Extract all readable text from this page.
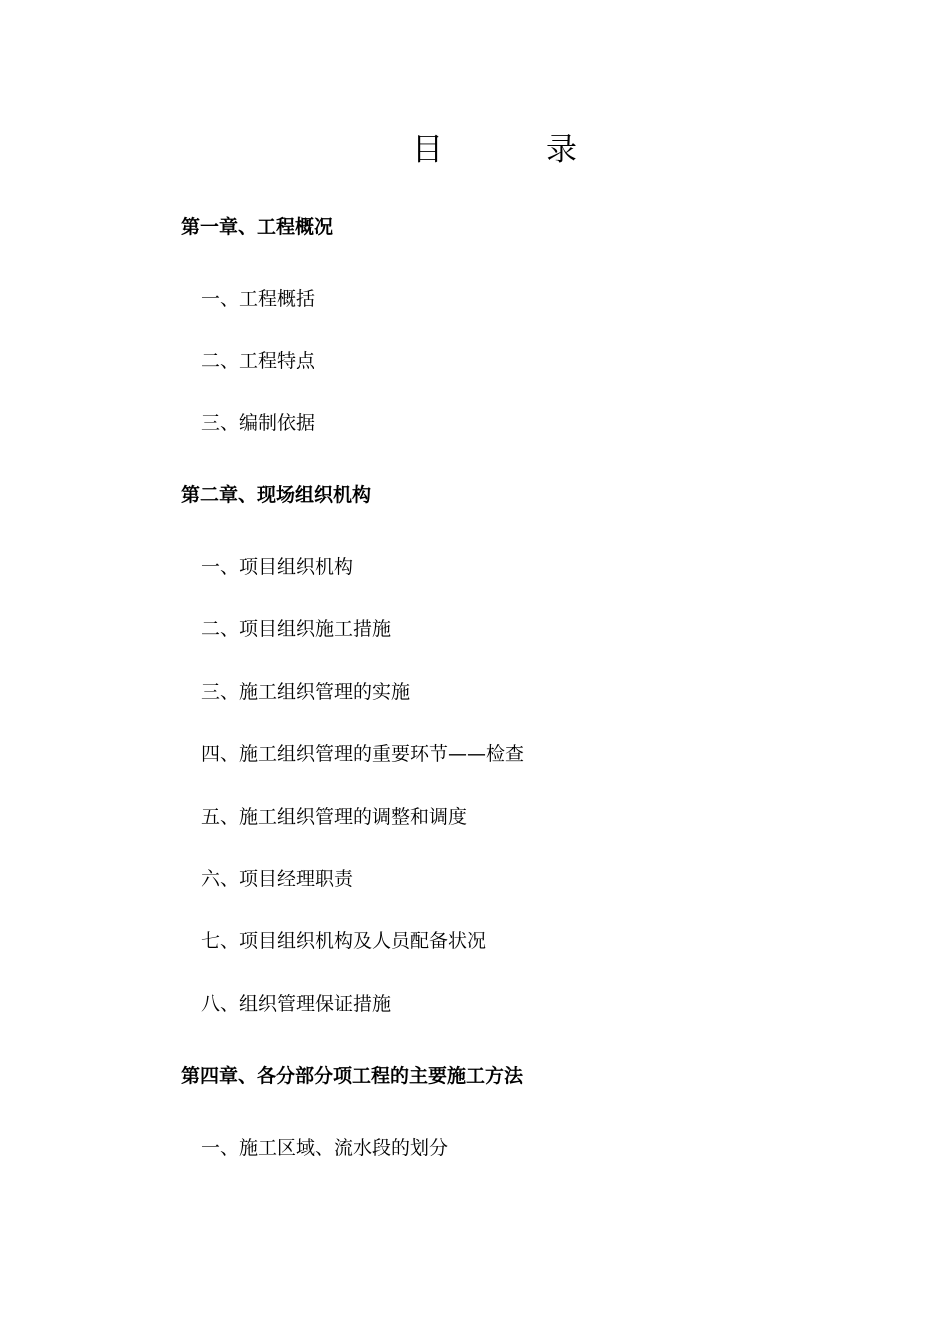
目	录
第一章、工程概况
一、工程概括
二、工程特点
三、编制依据
第二章、现场组织机构
一、项目组织机构
二、项目组织施工措施
三、施工组织管理的实施
四、施工组织管理的重要环节——检查
五、施工组织管理的调整和调度
六、项目经理职责
七、项目组织机构及人员配备状况
八、组织管理保证措施
第四章、各分部分项工程的主要施工方法
一、施工区域、流水段的划分
